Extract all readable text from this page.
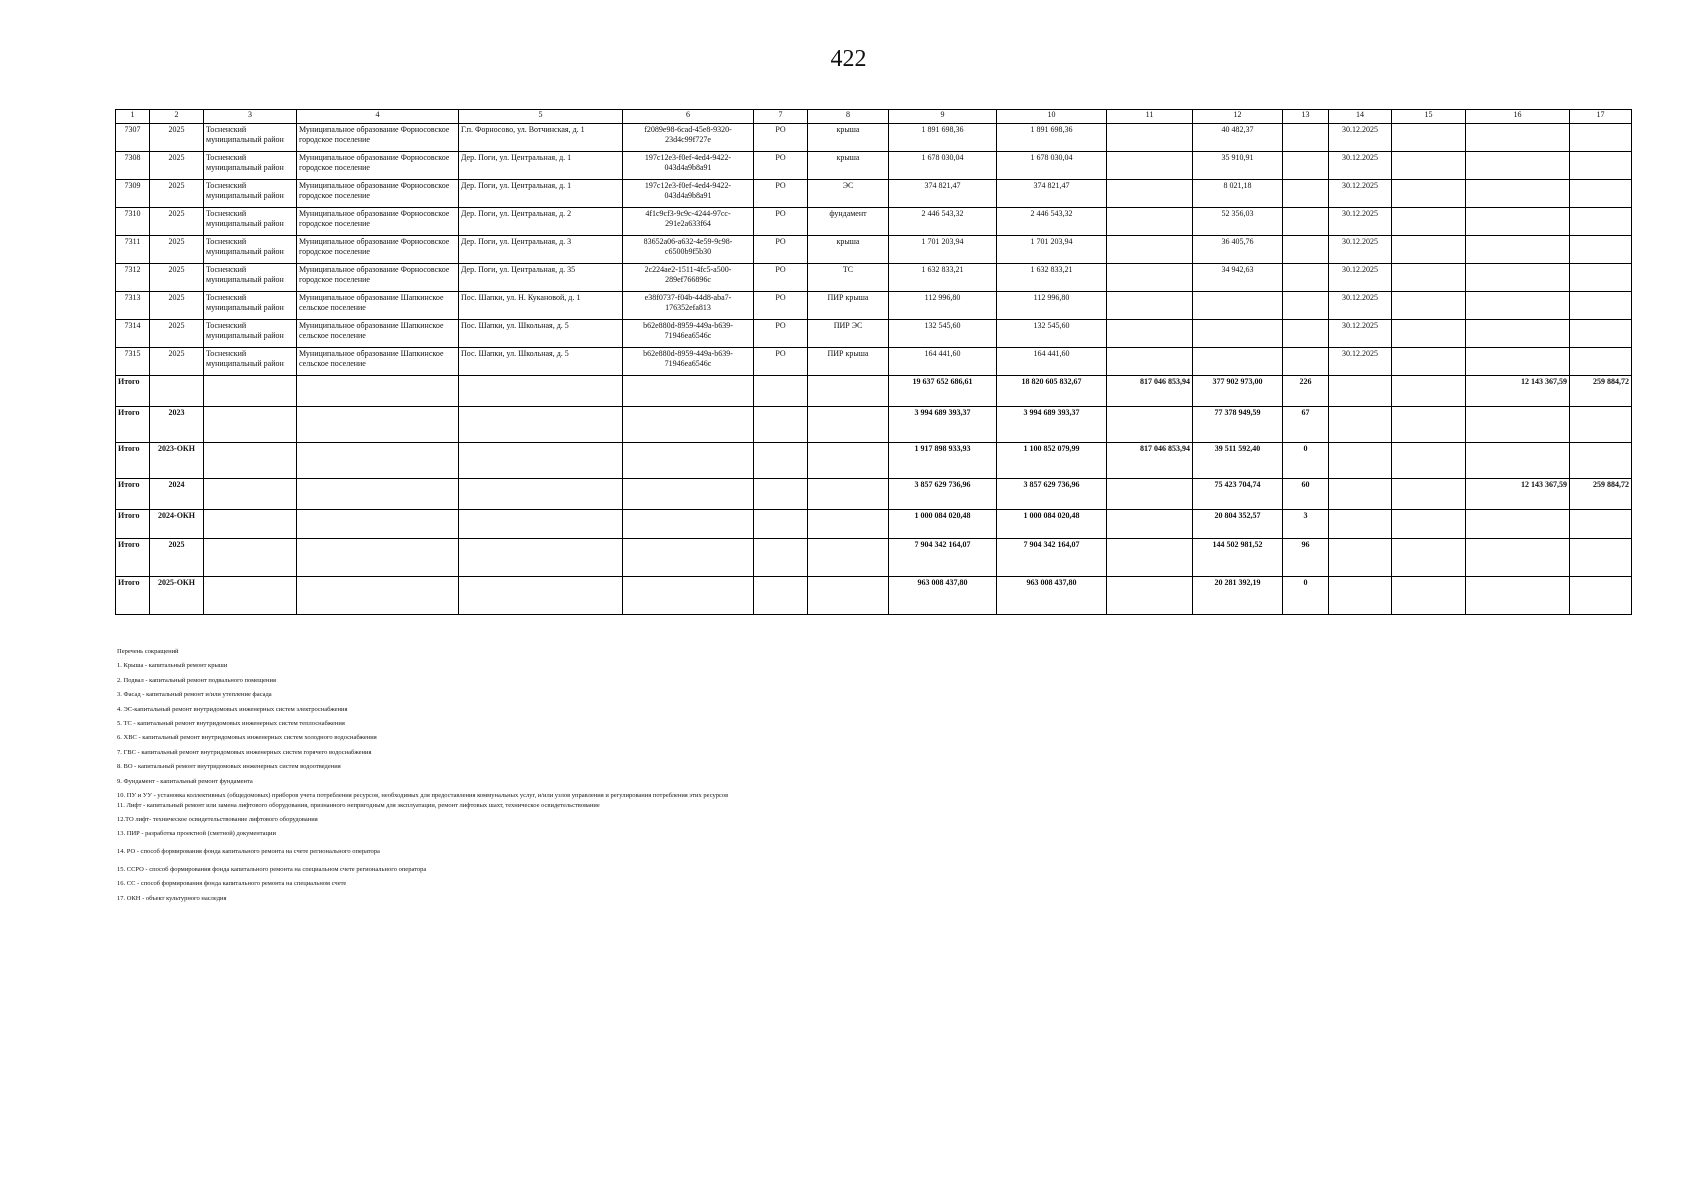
422
1	2	3	4	5	6	7	8	9	10	11	12	13	14	15	16	17
7307	2025	Тосненский муниципальный район	Муниципальное образование Форносовское городское поселение	Г.п. Форносово, ул. Вотчинская, д. 1	f2089e98-6cad-45e8-9320-23d4c99f727e	РО	крыша	1 891 698,36	1 891 698,36		40 482,37		30.12.2025			
7308	2025	Тосненский муниципальный район	Муниципальное образование Форносовское городское поселение	Дер. Поги, ул. Центральная, д. 1	197c12e3-f0ef-4ed4-9422-043d4a9b8a91	РО	крыша	1 678 030,04	1 678 030,04		35 910,91		30.12.2025			
7309	2025	Тосненский муниципальный район	Муниципальное образование Форносовское городское поселение	Дер. Поги, ул. Центральная, д. 1	197c12e3-f0ef-4ed4-9422-043d4a9b8a91	РО	ЭС	374 821,47	374 821,47		8 021,18		30.12.2025			
7310	2025	Тосненский муниципальный район	Муниципальное образование Форносовское городское поселение	Дер. Поги, ул. Центральная, д. 2	4f1c9cf3-9c9c-4244-97cc-291e2a633f64	РО	фундамент	2 446 543,32	2 446 543,32		52 356,03		30.12.2025			
7311	2025	Тосненский муниципальный район	Муниципальное образование Форносовское городское поселение	Дер. Поги, ул. Центральная, д. 3	83652a06-a632-4e59-9c98-c6500b9f5b30	РО	крыша	1 701 203,94	1 701 203,94		36 405,76		30.12.2025			
7312	2025	Тосненский муниципальный район	Муниципальное образование Форносовское городское поселение	Дер. Поги, ул. Центральная, д. 35	2c224ae2-1511-4fc5-a500-289ef766896c	РО	ТС	1 632 833,21	1 632 833,21		34 942,63		30.12.2025			
7313	2025	Тосненский муниципальный район	Муниципальное образование Шапкинское сельское поселение	Пос. Шапки, ул. Н. Кукановой, д. 1	e38f0737-f04b-44d8-aba7-176352efa813	РО	ПИР крыша	112 996,80	112 996,80				30.12.2025			
7314	2025	Тосненский муниципальный район	Муниципальное образование Шапкинское сельское поселение	Пос. Шапки, ул. Школьная, д. 5	b62e880d-8959-449a-b639-71946ea6546c	РО	ПИР ЭС	132 545,60	132 545,60				30.12.2025			
7315	2025	Тосненский муниципальный район	Муниципальное образование Шапкинское сельское поселение	Пос. Шапки, ул. Школьная, д. 5	b62e880d-8959-449a-b639-71946ea6546c	РО	ПИР крыша	164 441,60	164 441,60				30.12.2025			
Итого								19 637 652 686,61	18 820 605 832,67	817 046 853,94	377 902 973,00	226			12 143 367,59	259 884,72
Итого	2023							3 994 689 393,37	3 994 689 393,37		77 378 949,59	67				
Итого	2023-ОКН							1 917 898 933,93	1 100 852 079,99	817 046 853,94	39 511 592,40	0				
Итого	2024							3 857 629 736,96	3 857 629 736,96		75 423 704,74	60			12 143 367,59	259 884,72
Итого	2024-ОКН							1 000 084 020,48	1 000 084 020,48		20 804 352,57	3				
Итого	2025							7 904 342 164,07	7 904 342 164,07		144 502 981,52	96				
Итого	2025-ОКН							963 008 437,80	963 008 437,80		20 281 392,19	0				
Перечень сокращений
1. Крыша - капитальный ремонт крыши
2. Подвал - капитальный ремонт подвального помещения
3. Фасад - капитальный ремонт и/или утепление фасада
4. ЭС-капитальный ремонт внутридомовых инженерных систем электроснабжения
5. ТС - капитальный ремонт внутридомовых инженерных систем теплоснабжения
6. ХВС - капитальный ремонт внутридомовых инженерных систем холодного водоснабжения
7. ГВС - капитальный ремонт внутридомовых инженерных систем горячего водоснабжения
8. ВО - капитальный ремонт внутридомовых инженерных систем водоотведения
9. Фундамент - капитальный ремонт фундамента
10. ПУ и УУ - установка коллективных (общедомовых) приборов учета потребления ресурсов, необходимых для предоставления коммунальных услуг, и/или узлов управления и регулирования потребления этих ресурсов
11. Лифт - капитальный ремонт или замена лифтового оборудования, признанного непригодным для эксплуатации, ремонт лифтовых шахт, техническое освидетельствование
12.ТО лифт- техническое освидетельствование лифтового оборудования
13. ПИР - разработка проектной (сметной) документации
14. РО - способ формирования фонда капитального ремонта на счете регионального оператора
15. ССРО - способ формирования фонда капитального ремонта на специальном счете регионального оператора
16. СС - способ формирования фонда капитального ремонта на специальном счете
17. ОКН - объект культурного наследия
